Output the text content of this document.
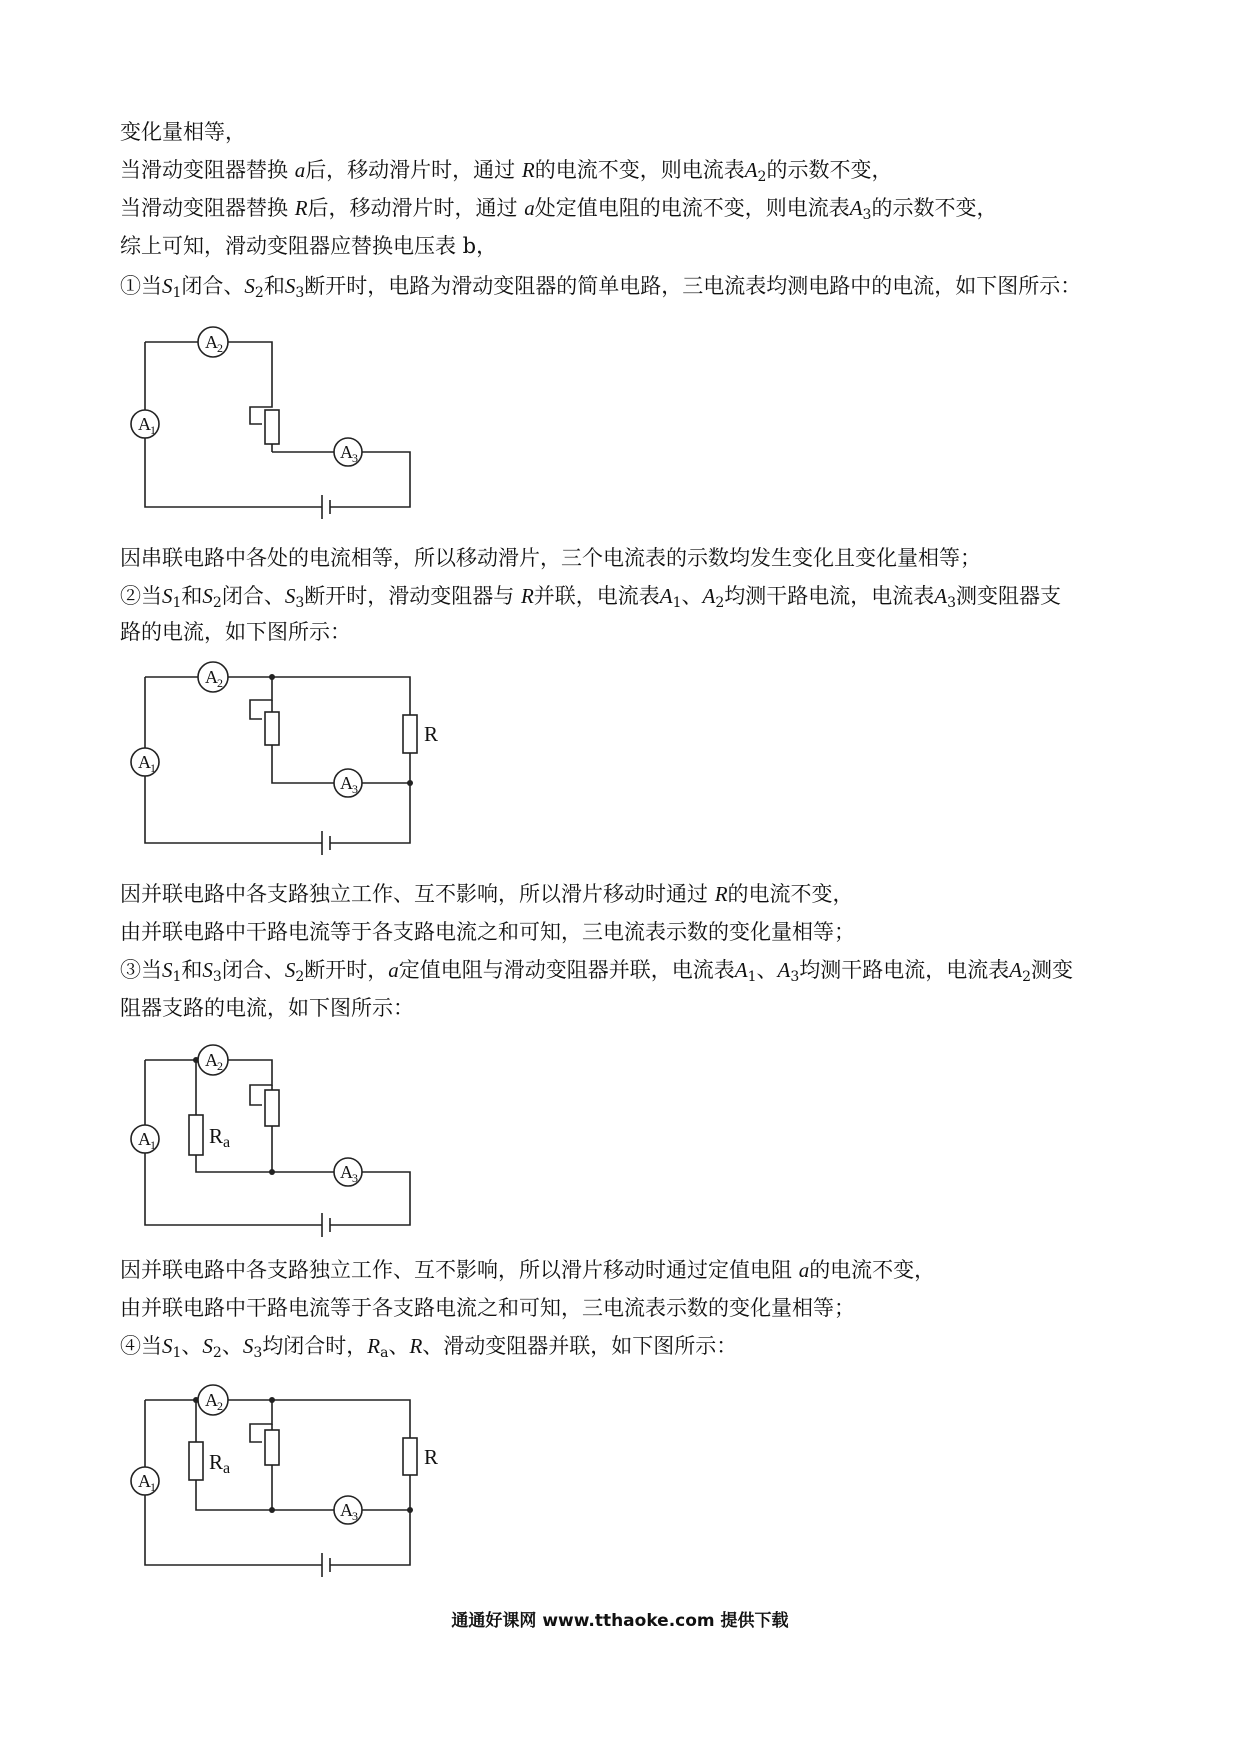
变化量相等，
当滑动变阻器替换 a后，移动滑片时，通过 R的电流不变，则电流表$A_2$的示数不变，
当滑动变阻器替换 R后，移动滑片时，通过 a处定值电阻的电流不变，则电流表$A_3$的示数不变，
综上可知，滑动变阻器应替换电压表 b，
①当$S_1$闭合、$S_2$和$S_3$断开时，电路为滑动变阻器的简单电路，三电流表均测电路中的电流，如下图所示：
A 1
A 2
A 3
因串联电路中各处的电流相等，所以移动滑片，三个电流表的示数均发生变化且变化量相等；
②当$S_1$和$S_2$闭合、$S_3$断开时，滑动变阻器与 R并联，电流表$A_1$、$A_2$均测干路电流，电流表$A_3$测变阻器支
路的电流，如下图所示：
A 1
A 2
A 3
R
因并联电路中各支路独立工作、互不影响，所以滑片移动时通过 R的电流不变，
由并联电路中干路电流等于各支路电流之和可知，三电流表示数的变化量相等；
③当$S_1$和$S_3$闭合、$S_2$断开时，a定值电阻与滑动变阻器并联，电流表$A_1$、$A_3$均测干路电流，电流表$A_2$测变
阻器支路的电流，如下图所示：
A 1
A 2
A 3
R a
因并联电路中各支路独立工作、互不影响，所以滑片移动时通过定值电阻 a的电流不变，
由并联电路中干路电流等于各支路电流之和可知，三电流表示数的变化量相等；
④当$S_1$、$S_2$、$S_3$均闭合时，$R_a$、R、滑动变阻器并联，如下图所示：
A 1
A 2
A 3
R a	R
通通好课网 www.tthaoke.com 提供下载
